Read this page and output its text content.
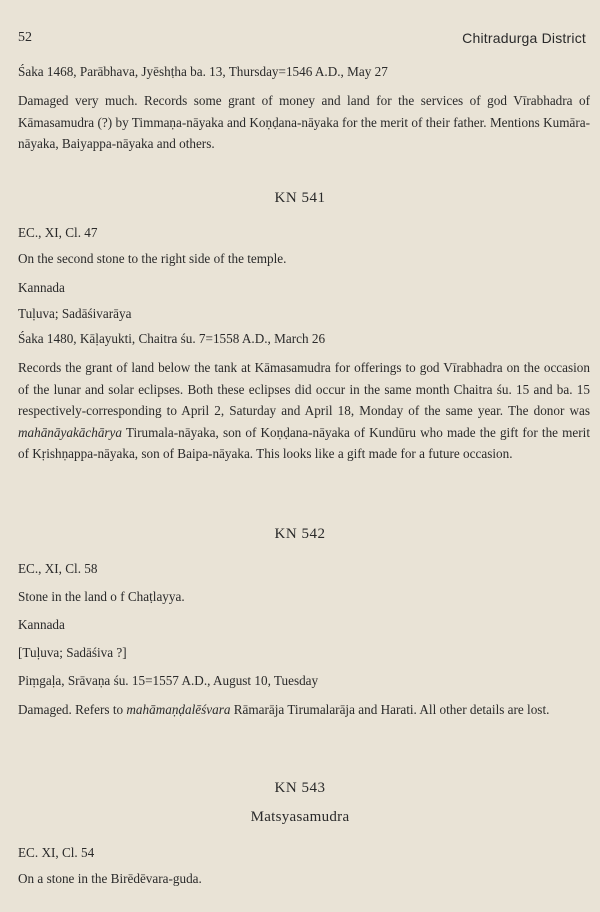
52	Chitradurga District
Śaka 1468, Parābhava, Jyēshṭha ba. 13, Thursday=1546 A.D., May 27
Damaged very much. Records some grant of money and land for the services of god Vīrabhadra of Kāmasamudra (?) by Timmaṇa-nāyaka and Koṇḍana-nāyaka for the merit of their father. Mentions Kumāra-nāyaka, Baiyappa-nāyaka and others.
KN 541
EC., XI, Cl. 47
On the second stone to the right side of the temple.
Kannada
Tuḷuva; Sadāśivarāya
Śaka 1480, Kāḷayukti, Chaitra śu. 7=1558 A.D., March 26
Records the grant of land below the tank at Kāmasamudra for offerings to god Vīrabhadra on the occasion of the lunar and solar eclipses. Both these eclipses did occur in the same month Chaitra śu. 15 and ba. 15 respectively-corresponding to April 2, Saturday and April 18, Monday of the same year. The donor was mahānāyakāchārya Tirumala-nāyaka, son of Koṇḍana-nāyaka of Kundūru who made the gift for the merit of Kṛishṇappa-nāyaka, son of Baipa-nāyaka. This looks like a gift made for a future occasion.
KN 542
EC., XI, Cl. 58
Stone in the land o f Chaṭlayya.
Kannada
[Tuḷuva; Sadāśiva ?]
Piṃgaḷa, Srāvaṇa śu. 15=1557 A.D., August 10, Tuesday
Damaged. Refers to mahāmaṇḍalēśvara Rāmarāja Tirumalarāja and Harati. All other details are lost.
KN 543
Matsyasamudra
EC. XI, Cl. 54
On a stone in the Birēdēvara-guda.
